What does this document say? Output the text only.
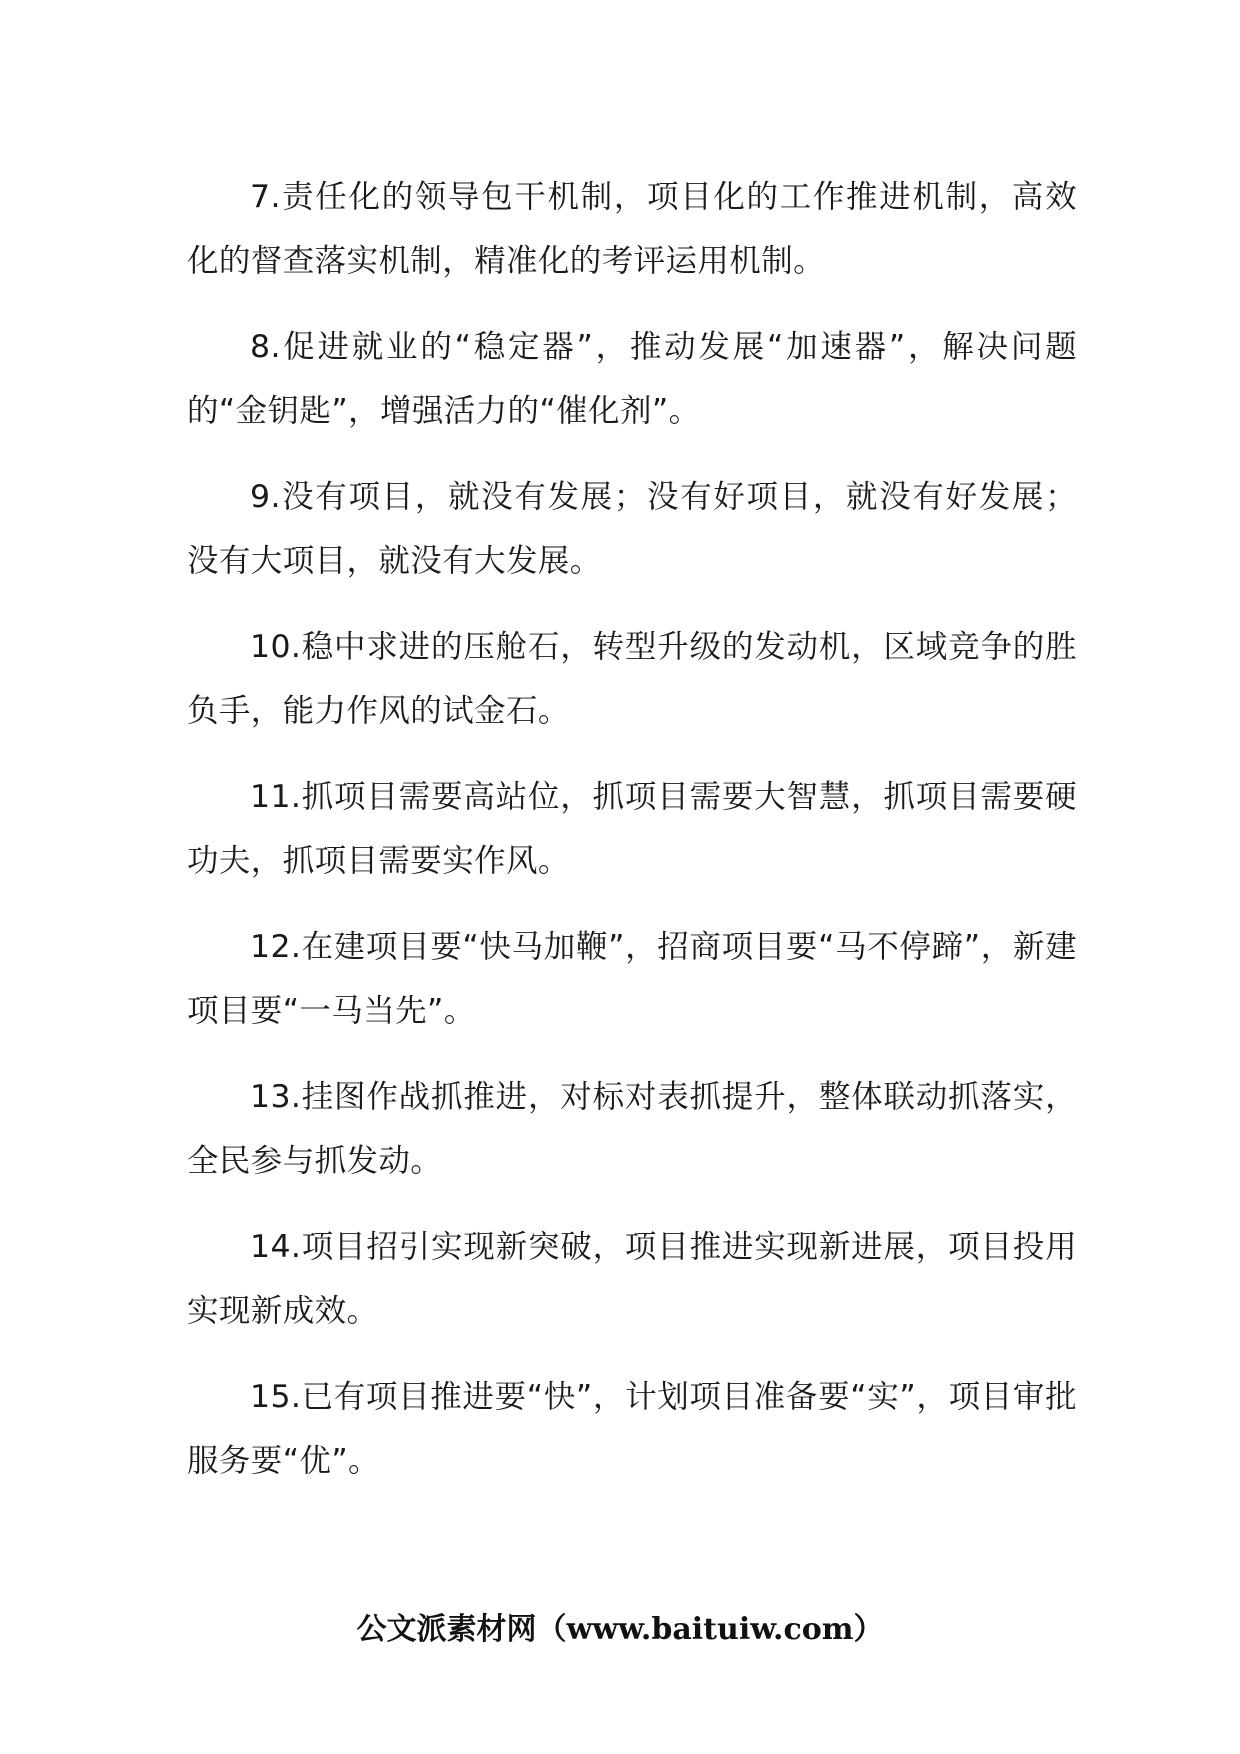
7.责任化的领导包干机制，项目化的工作推进机制，高效化的督查落实机制，精准化的考评运用机制。

8.促进就业的“稳定器”，推动发展“加速器”，解决问题的“金钥匙”，增强活力的“催化剂”。

9.没有项目，就没有发展；没有好项目，就没有好发展；没有大项目，就没有大发展。

10.稳中求进的压舱石，转型升级的发动机，区域竞争的胜负手，能力作风的试金石。

11.抓项目需要高站位，抓项目需要大智慧，抓项目需要硬功夫，抓项目需要实作风。

12.在建项目要“快马加鞭”，招商项目要“马不停蹄”，新建项目要“一马当先”。

13.挂图作战抓推进，对标对表抓提升，整体联动抓落实，全民参与抓发动。

14.项目招引实现新突破，项目推进实现新进展，项目投用实现新成效。

15.已有项目推进要“快”，计划项目准备要“实”，项目审批服务要“优”。

公文派素材网（www.baituiw.com）
